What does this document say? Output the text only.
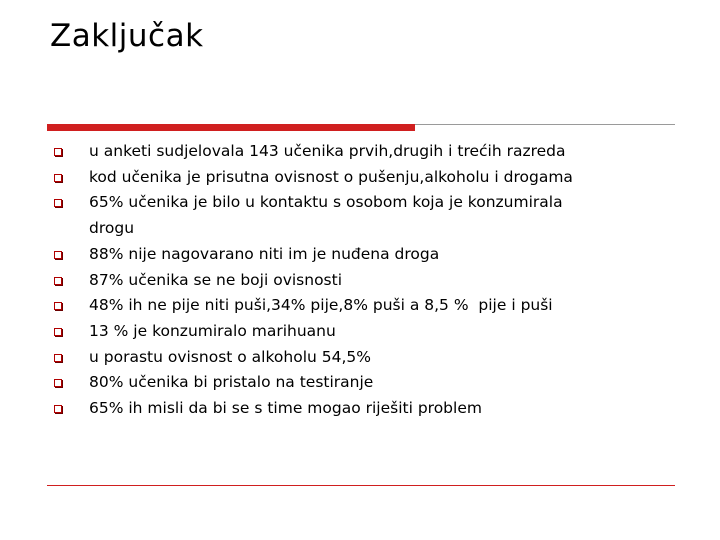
Zaključak
u anketi sudjelovala 143 učenika prvih,drugih i trećih razreda
kod učenika je prisutna ovisnost o pušenju,alkoholu i drogama
65% učenika je bilo u kontaktu s osobom koja je konzumirala
drogu
88% nije nagovarano niti im je nuđena droga
87% učenika se ne boji ovisnosti
48% ih ne pije niti puši,34% pije,8% puši a 8,5 %  pije i puši
13 % je konzumiralo marihuanu
u porastu ovisnost o alkoholu 54,5%
80% učenika bi pristalo na testiranje
65% ih misli da bi se s time mogao riješiti problem
